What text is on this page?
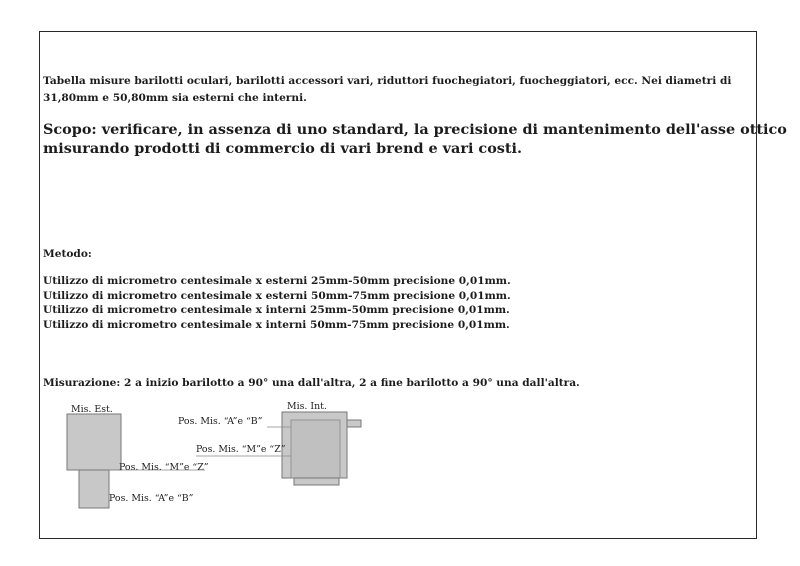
Tabella misure barilotti oculari, barilotti accessori vari, riduttori fuochegiatori, fuocheggiatori, ecc. Nei diametri di
31,80mm e 50,80mm sia esterni che interni.
Scopo: verificare, in assenza di uno standard, la precisione di mantenimento dell'asse ottico
misurando prodotti di commercio di vari brend e vari costi.
Metodo:
Utilizzo di micrometro centesimale x esterni 25mm-50mm precisione 0,01mm.
Utilizzo di micrometro centesimale x esterni 50mm-75mm precisione 0,01mm.
Utilizzo di micrometro centesimale x interni 25mm-50mm precisione 0,01mm.
Utilizzo di micrometro centesimale x interni 50mm-75mm precisione 0,01mm.
Misurazione: 2 a inizio barilotto a 90° una dall'altra, 2 a fine barilotto a 90° una dall'altra.
Mis. Est.
Pos. Mis. “M”e “Z”
Pos. Mis. “A”e “B”
Mis. Int.
Pos. Mis. “A”e “B”
Pos. Mis. “M”e “Z”
